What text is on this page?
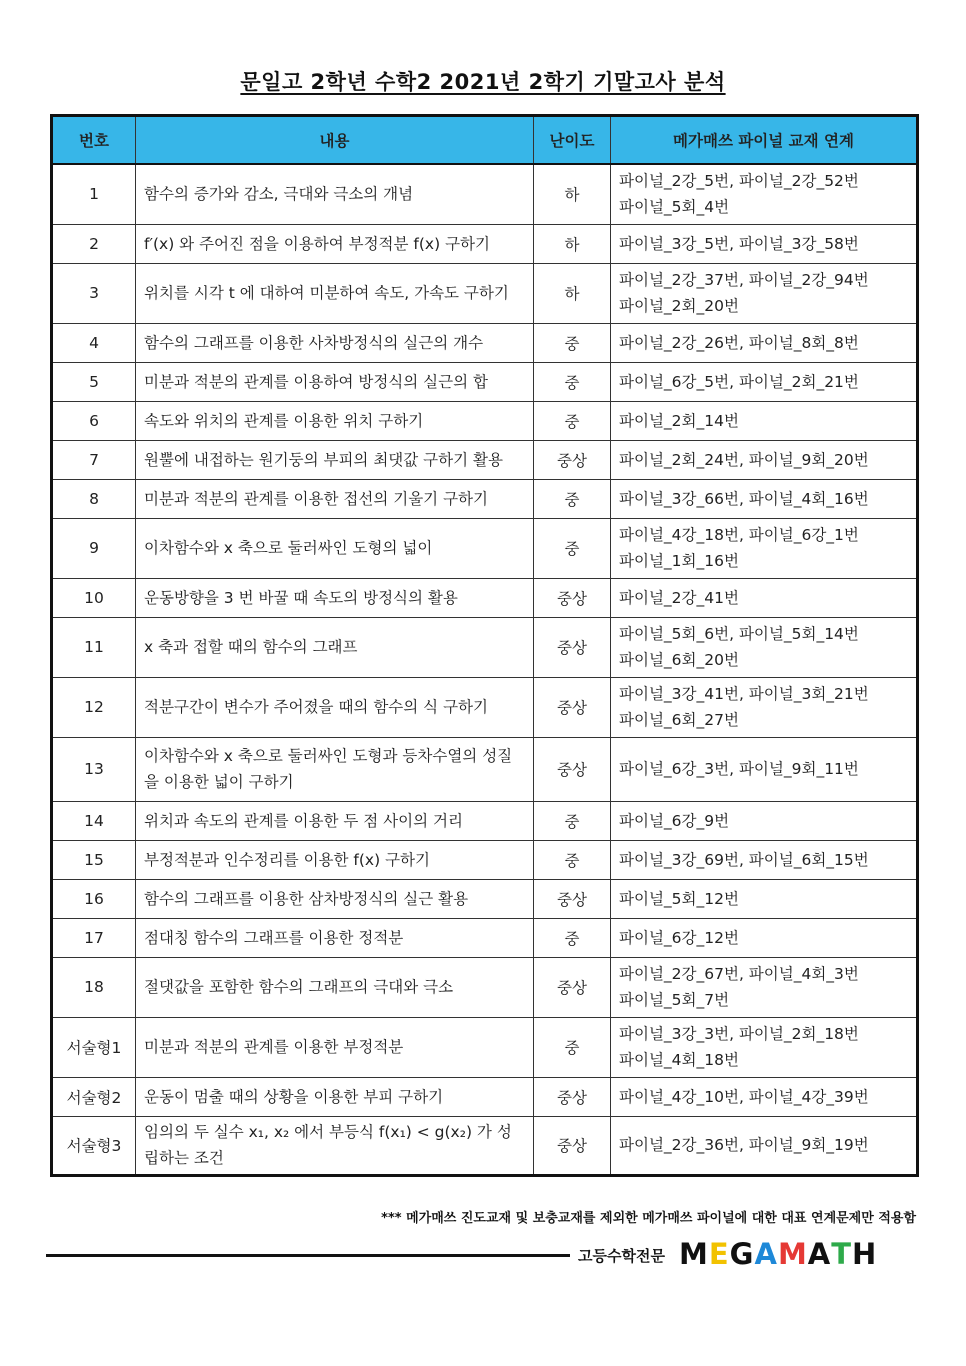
문일고 2학년 수학2 2021년 2학기 기말고사 분석
번호	내용	난이도	메가매쓰 파이널 교재 연계
1	함수의 증가와 감소, 극대와 극소의 개념	하	파이널_2강_5번, 파이널_2강_52번
파이널_5회_4번

2	f′(x) 와 주어진 점을 이용하여 부정적분 f(x) 구하기	하	파이널_3강_5번, 파이널_3강_58번

3	위치를 시각 t 에 대하여 미분하여 속도, 가속도 구하기	하	파이널_2강_37번, 파이널_2강_94번
파이널_2회_20번

4	함수의 그래프를 이용한 사차방정식의 실근의 개수	중	파이널_2강_26번, 파이널_8회_8번

5	미분과 적분의 관계를 이용하여 방정식의 실근의 합	중	파이널_6강_5번, 파이널_2회_21번

6	속도와 위치의 관계를 이용한 위치 구하기	중	파이널_2회_14번

7	원뿔에 내접하는 원기둥의 부피의 최댓값 구하기 활용	중상	파이널_2회_24번, 파이널_9회_20번

8	미분과 적분의 관계를 이용한 접선의 기울기 구하기	중	파이널_3강_66번, 파이널_4회_16번

9	이차함수와 x 축으로 둘러싸인 도형의 넓이	중	파이널_4강_18번, 파이널_6강_1번
파이널_1회_16번

10	운동방향을 3 번 바꿀 때 속도의 방정식의 활용	중상	파이널_2강_41번

11	x 축과 접할 때의 함수의 그래프	중상	파이널_5회_6번, 파이널_5회_14번
파이널_6회_20번

12	적분구간이 변수가 주어졌을 때의 함수의 식 구하기	중상	파이널_3강_41번, 파이널_3회_21번
파이널_6회_27번

13	이차함수와 x 축으로 둘러싸인 도형과 등차수열의 성질을 이용한 넓이 구하기	중상	파이널_6강_3번, 파이널_9회_11번

14	위치과 속도의 관계를 이용한 두 점 사이의 거리	중	파이널_6강_9번

15	부정적분과 인수정리를 이용한 f(x) 구하기	중	파이널_3강_69번, 파이널_6회_15번

16	함수의 그래프를 이용한 삼차방정식의 실근 활용	중상	파이널_5회_12번

17	점대칭 함수의 그래프를 이용한 정적분	중	파이널_6강_12번

18	절댓값을 포함한 함수의 그래프의 극대와 극소	중상	파이널_2강_67번, 파이널_4회_3번
파이널_5회_7번

서술형1	미분과 적분의 관계를 이용한 부정적분	중	파이널_3강_3번, 파이널_2회_18번
파이널_4회_18번

서술형2	운동이 멈출 때의 상황을 이용한 부피 구하기	중상	파이널_4강_10번, 파이널_4강_39번

서술형3	임의의 두 실수 x₁, x₂ 에서 부등식 f(x₁) < g(x₂) 가 성립하는 조건	중상	파이널_2강_36번, 파이널_9회_19번
*** 메가매쓰 진도교재 및 보충교재를 제외한 메가매쓰 파이널에 대한 대표 연계문제만 적용함
고등수학전문 MEGAMATH
